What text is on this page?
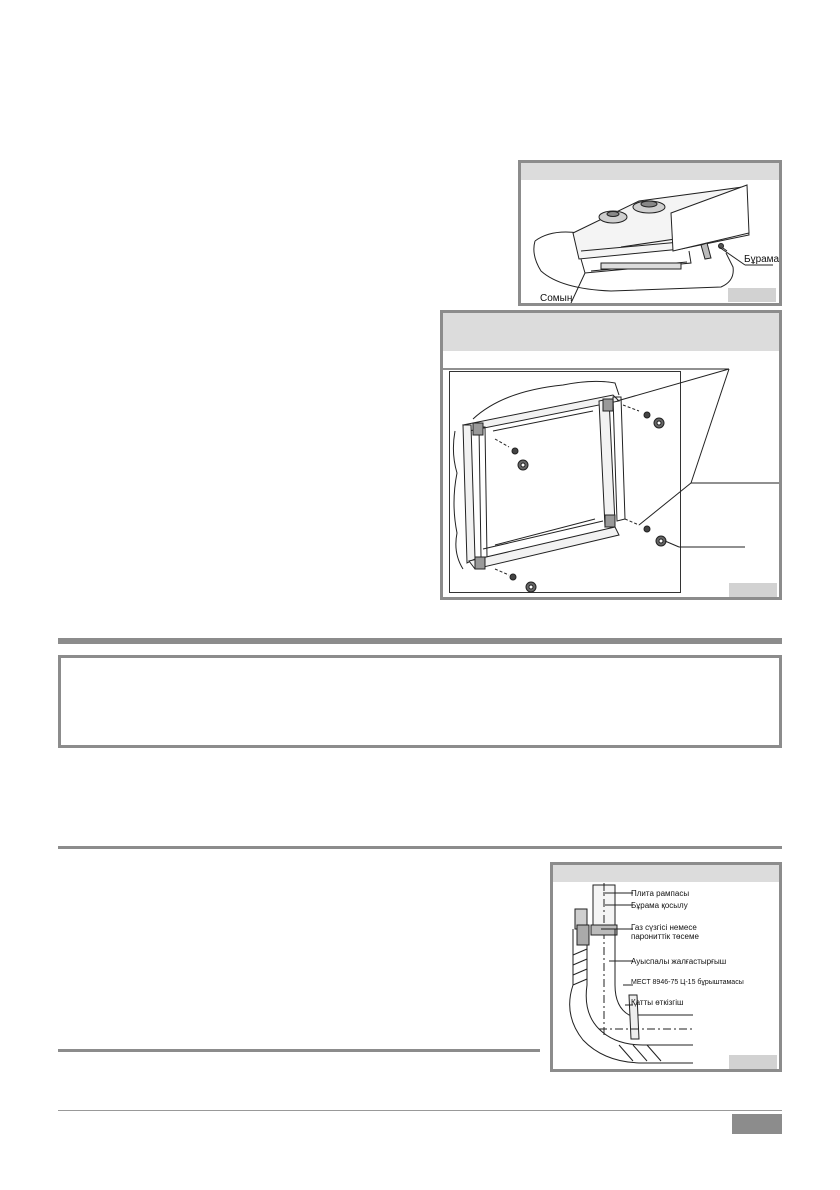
Бұрама
Сомын
Плита рампасы
Бұрама қосылу
Газ сүзгісі немесе
парониттік төсеме
Ауыспалы жалғастырғыш
МЕСТ 8946-75 Ц-15 бұрыштамасы
Қатты өткізгіш
